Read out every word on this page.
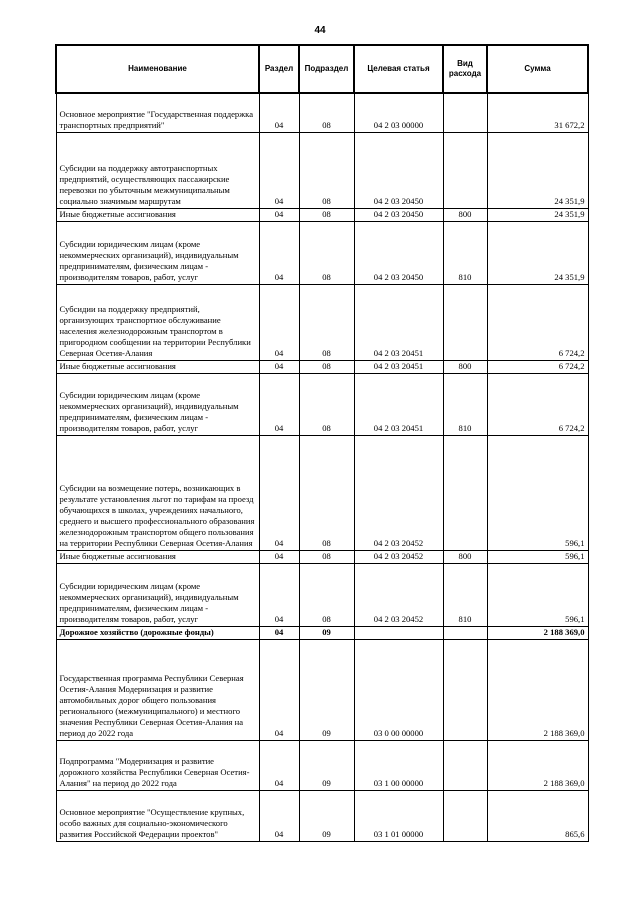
44
Наименование	Раздел	Подраздел	Целевая статья	Вид расхода	Сумма
Основное мероприятие "Государственная поддержка транспортных предприятий"	04	08	04 2 03 00000		31 672,2
Субсидии на поддержку автотранспортных предприятий, осуществляющих пассажирские перевозки по убыточным межмуниципальным социально значимым маршрутам	04	08	04 2 03 20450		24 351,9
Иные бюджетные ассигнования	04	08	04 2 03 20450	800	24 351,9
Субсидии юридическим лицам (кроме некоммерческих организаций), индивидуальным предпринимателям, физическим лицам - производителям товаров, работ, услуг	04	08	04 2 03 20450	810	24 351,9
Субсидии на поддержку предприятий, организующих транспортное обслуживание населения железнодорожным транспортом в пригородном сообщении на территории Республики Северная Осетия-Алания	04	08	04 2 03 20451		6 724,2
Иные бюджетные ассигнования	04	08	04 2 03 20451	800	6 724,2
Субсидии юридическим лицам (кроме некоммерческих организаций), индивидуальным предпринимателям, физическим лицам - производителям товаров, работ, услуг	04	08	04 2 03 20451	810	6 724,2
Субсидии на возмещение потерь, возникающих в результате установления льгот по тарифам на проезд обучающихся в школах, учреждениях начального, среднего и высшего профессионального образования железнодорожным транспортом общего пользования на территории Республики Северная Осетия-Алания	04	08	04 2 03 20452		596,1
Иные бюджетные ассигнования	04	08	04 2 03 20452	800	596,1
Субсидии юридическим лицам (кроме некоммерческих организаций), индивидуальным предпринимателям, физическим лицам - производителям товаров, работ, услуг	04	08	04 2 03 20452	810	596,1
Дорожное хозяйство (дорожные фонды)	04	09			2 188 369,0
Государственная программа Республики Северная Осетия-Алания Модернизация и развитие автомобильных дорог общего пользования регионального (межмуниципального) и местного значения Республики Северная Осетия-Алания на период до 2022 года	04	09	03 0 00 00000		2 188 369,0
Подпрограмма "Модернизация и развитие дорожного хозяйства Республики Северная Осетия-Алания" на период до 2022 года	04	09	03 1 00 00000		2 188 369,0
Основное мероприятие "Осуществление крупных, особо важных для социально-экономического развития Российской Федерации проектов"	04	09	03 1 01 00000		865,6
